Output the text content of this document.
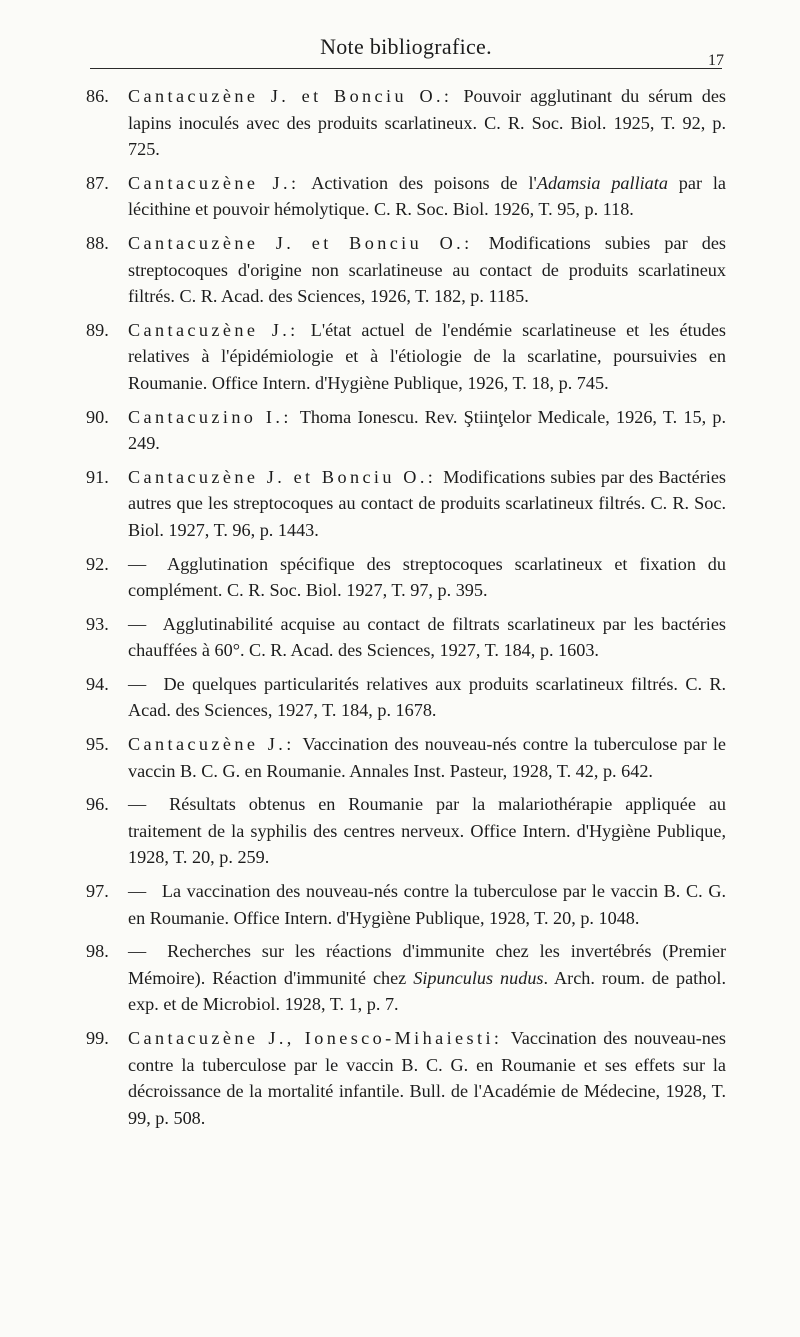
Note bibliografice.
17
86.	Cantacuzène J. et Bonciu O.: Pouvoir agglutinant du sérum des lapins inoculés avec des produits scarlatineux. C. R. Soc. Biol. 1925, T. 92, p. 725.
87.	Cantacuzène J.: Activation des poisons de l'Adamsia palliata par la lécithine et pouvoir hémolytique. C. R. Soc. Biol. 1926, T. 95, p. 118.
88.	Cantacuzène J. et Bonciu O.: Modifications subies par des streptocoques d'origine non scarlatineuse au contact de produits scarlatineux filtrés. C. R. Acad. des Sciences, 1926, T. 182, p. 1185.
89.	Cantacuzène J.: L'état actuel de l'endémie scarlatineuse et les études relatives à l'épidémiologie et à l'étiologie de la scarlatine, poursuivies en Roumanie. Office Intern. d'Hygiène Publique, 1926, T. 18, p. 745.
90.	Cantacuzino I.: Thoma Ionescu. Rev. Ştiinţelor Medicale, 1926, T. 15, p. 249.
91.	Cantacuzène J. et Bonciu O.: Modifications subies par des Bactéries autres que les streptocoques au contact de produits scarlatineux filtrés. C. R. Soc. Biol. 1927, T. 96, p. 1443.
92.	— Agglutination spécifique des streptocoques scarlatineux et fixation du complément. C. R. Soc. Biol. 1927, T. 97, p. 395.
93.	— Agglutinabilité acquise au contact de filtrats scarlatineux par les bactéries chauffées à 60°. C. R. Acad. des Sciences, 1927, T. 184, p. 1603.
94.	— De quelques particularités relatives aux produits scarlatineux filtrés. C. R. Acad. des Sciences, 1927, T. 184, p. 1678.
95.	Cantacuzène J.: Vaccination des nouveau-nés contre la tuberculose par le vaccin B. C. G. en Roumanie. Annales Inst. Pasteur, 1928, T. 42, p. 642.
96.	— Résultats obtenus en Roumanie par la malariothérapie appliquée au traitement de la syphilis des centres nerveux. Office Intern. d'Hygiène Publique, 1928, T. 20, p. 259.
97.	— La vaccination des nouveau-nés contre la tuberculose par le vaccin B. C. G. en Roumanie. Office Intern. d'Hygiène Publique, 1928, T. 20, p. 1048.
98.	— Recherches sur les réactions d'immunite chez les invertébrés (Premier Mémoire). Réaction d'immunité chez Sipunculus nudus. Arch. roum. de pathol. exp. et de Microbiol. 1928, T. 1, p. 7.
99.	Cantacuzène J., Ionesco-Mihaiesti: Vaccination des nouveau-nes contre la tuberculose par le vaccin B. C. G. en Roumanie et ses effets sur la décroissance de la mortalité infantile. Bull. de l'Académie de Médecine, 1928, T. 99, p. 508.
